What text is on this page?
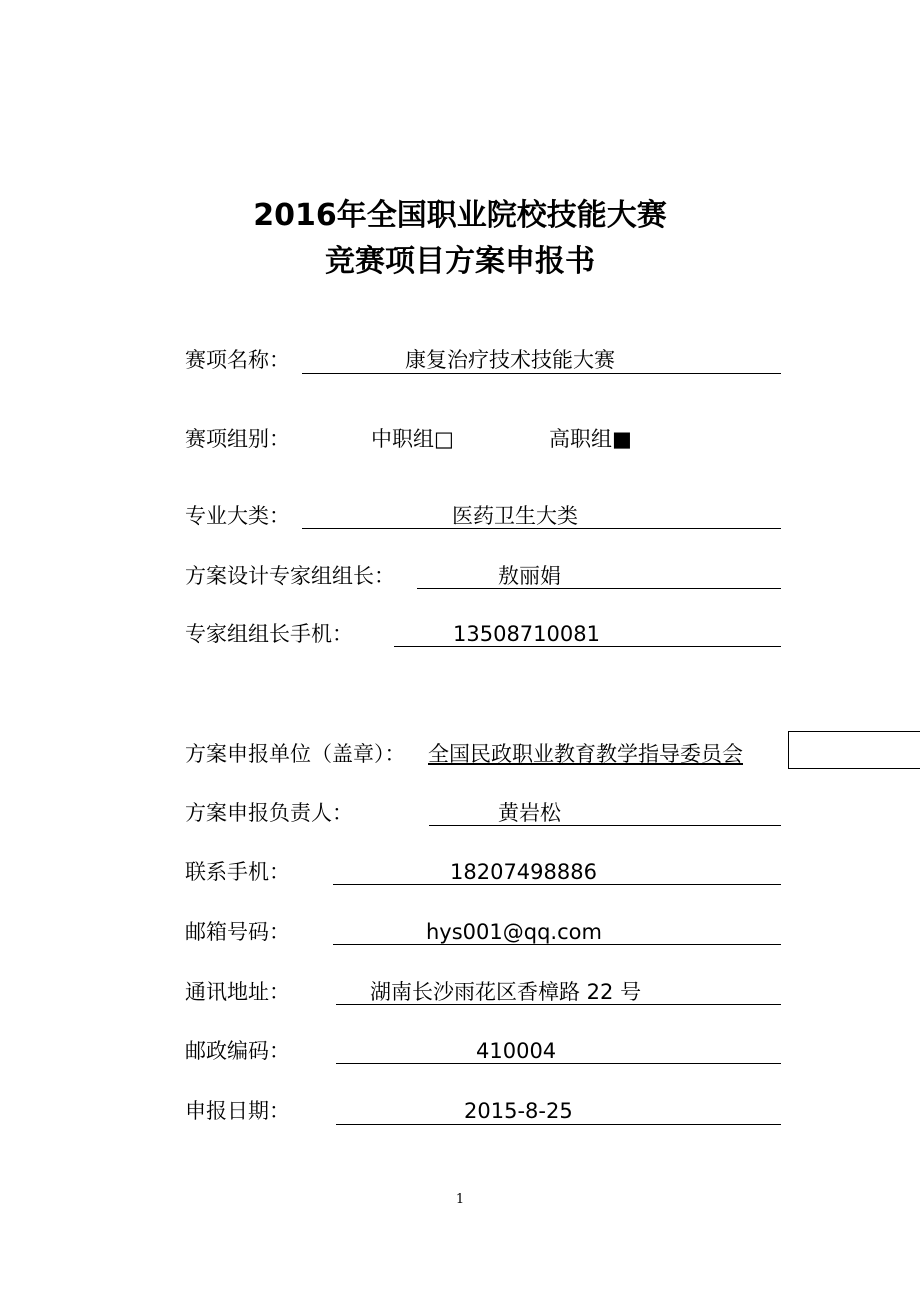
2016年全国职业院校技能大赛
竞赛项目方案申报书
赛项名称：	康复治疗技术技能大赛
赛项组别：	中职组□	高职组■
专业大类：	医药卫生大类
方案设计专家组组长：	敖丽娟
专家组组长手机：	13508710081
方案申报单位（盖章）： 全国民政职业教育教学指导委员会
方案申报负责人：	黄岩松
联系手机：	18207498886
邮箱号码：	hys001@qq.com
通讯地址：	湖南长沙雨花区香樟路 22 号
邮政编码：	410004
申报日期：	2015-8-25
1
